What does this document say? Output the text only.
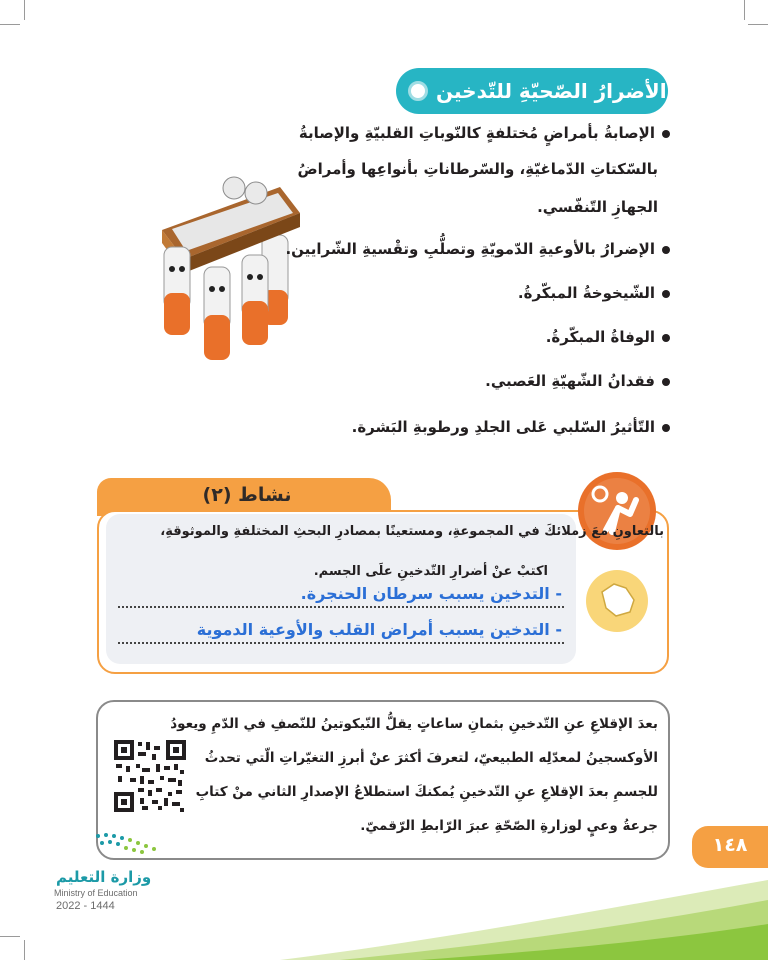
بعضُ الأضرارُ الصّحيّةِ للتّدخين
الإصابةُ بأمراضٍ مُختلفةٍ كالنّوباتِ القلبيّةِ والإصابةُ
بالسّكتاتِ الدّماغيّةِ، والسّرطاناتِ بأنواعِها وأمراضُ
الجهازِ التّنفّسي.
الإضرارُ بالأوعيةِ الدّمويّةِ وتصلُّبِ وتقْسيةِ الشّرايين.
الشّيخوخةُ المبكّرةُ.
الوفاةُ المبكّرةُ.
فقدانُ الشّهيّةِ العَصبي.
التّأثيرُ السّلبي عَلى الجلدِ ورطوبةِ البَشرة.
نشاط (٢)
بالتعاونِ معَ زملائكَ في المجموعةِ، ومستعينًا بمصادرِ البحثِ المختلفةِ والموثوقةِ،
اكتبْ عنْ أضرارِ التّدخينِ علَى الجسم.
- التدخين يسبب سرطان الحنجرة.
- التدخين يسبب أمراض القلب والأوعية الدموية
بعدَ الإقلاعِ عنِ التّدخينِ بثمانِ ساعاتٍ يقلُّ النّيكوتينُ للنّصفِ في الدّمِ ويعودُ
الأوكسجينُ لمعدّلِه الطبيعيّ، لتعرفَ أكثرَ عنْ أبرزِ التغيّراتِ الّتي تحدثُ
للجسمِ بعدَ الإقلاعِ عنِ التّدخينِ يُمكنكَ استطلاعُ الإصدارِ الثاني منْ كتابِ
جرعةُ وعيٍ لوزارةِ الصّحّةِ عبرَ الرّابطِ الرّقميّ.
١٤٨
وزارة التعليم
Ministry of Education
2022 - 1444
